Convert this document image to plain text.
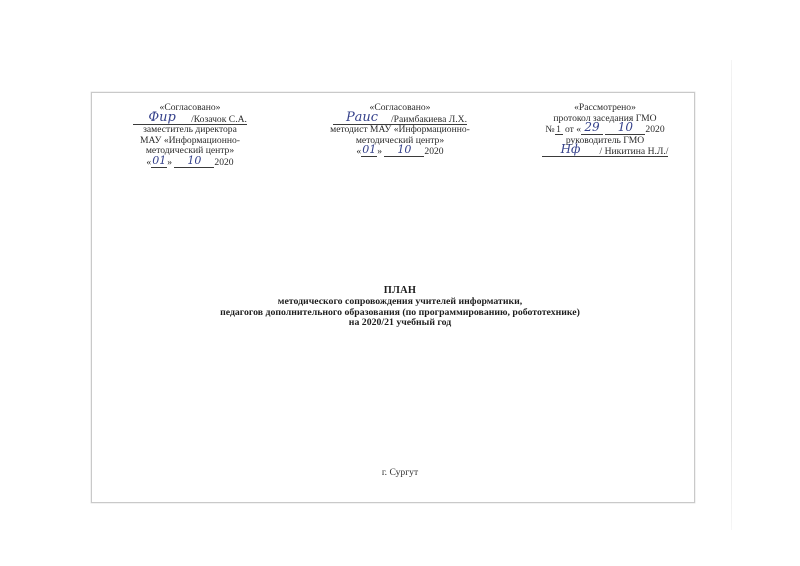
«Согласовано»
Фир /Козачок С.А.
заместитель директора
МАУ «Информационно-
методический центр»
«01» 10 2020
«Согласовано»
Раис /Раимбакиева Л.Х.
методист МАУ «Информационно-
методический центр»
«01» 10 2020
«Рассмотрено»
протокол заседания ГМО
№ 1 от « 29 10 2020
руководитель ГМО
Нф / Никитина Н.Л./
ПЛАН
методического сопровождения учителей информатики,
педагогов дополнительного образования (по программированию, робототехнике)
на 2020/21 учебный год
г. Сургут
